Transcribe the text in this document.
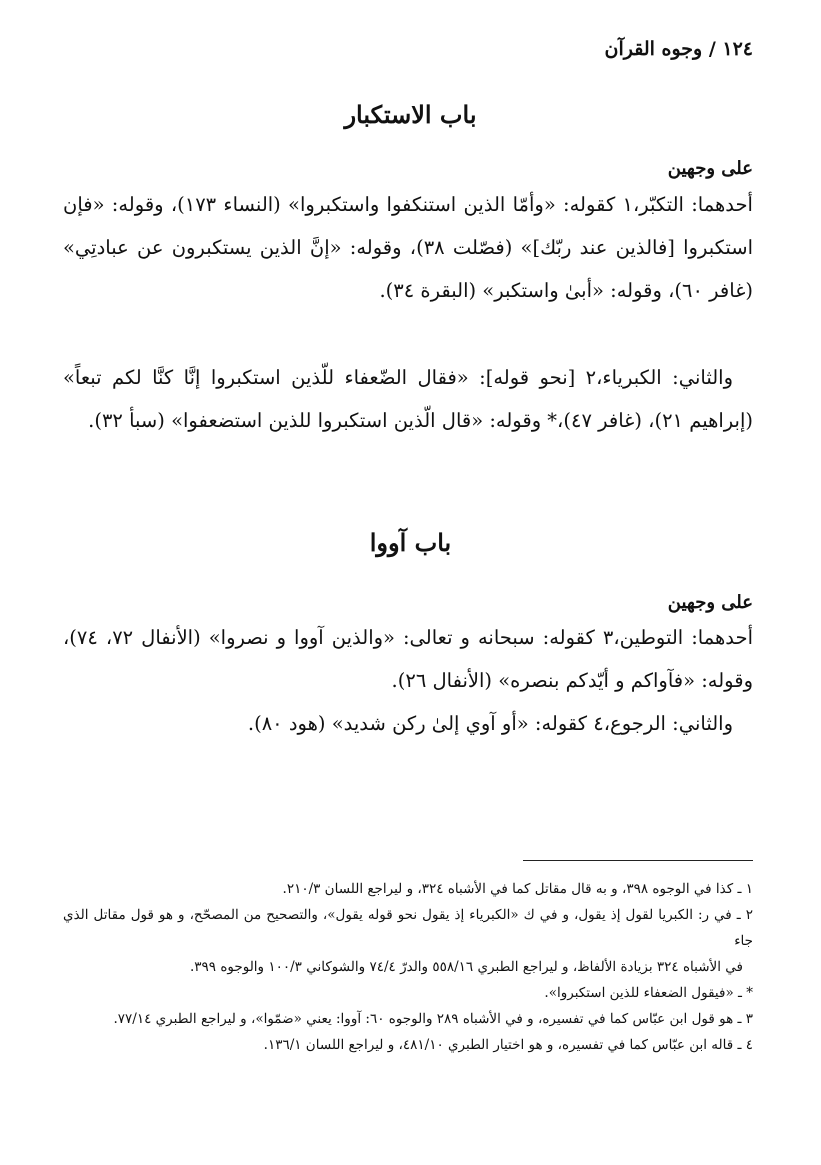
١٢٤ / وجوه القرآن
باب الاستكبار
على وجهين

أحدهما: التكبّر،١ كقوله: «وأمّا الذين استنكفوا واستكبروا» (النساء ١٧٣)، وقوله: «فإن استكبروا [فالذين عند ربّك]» (فصّلت ٣٨)، وقوله: «إنَّ الذين يستكبرون عن عبادتِي» (غافر ٦٠)، وقوله: «أبىٰ واستكبر» (البقرة ٣٤).

والثاني: الكبرياء،٢ [نحو قوله]: «فقال الضّعفاء للّذين استكبروا إنَّا كنَّا لكم تبعاً» (إبراهيم ٢١)، (غافر ٤٧)،* وقوله: «قال الّذين استكبروا للذين استضعفوا» (سبأ ٣٢).

باب آووا
على وجهين

أحدهما: التوطين،٣ كقوله: سبحانه و تعالى: «والذين آووا و نصروا» (الأنفال ٧٢، ٧٤)، وقوله: «فآواكم و أيّدكم بنصره» (الأنفال ٢٦).

والثاني: الرجوع،٤ كقوله: «أو آوي إلىٰ ركن شديد» (هود ٨٠).

١ ـ كذا في الوجوه ٣٩٨، و به قال مقاتل كما في الأشباه ٣٢٤، و ليراجع اللسان ٢١٠/٣.

٢ ـ في ر: الكبريا لقول إذ يقول، و في ك «الكبرياء إذ يقول نحو قوله يقول»، والتصحيح من المصحّح، و هو قول مقاتل الذي جاء

في الأشباه ٣٢٤ بزيادة الألفاظ، و ليراجع الطبري ٥٥٨/١٦ والدرّ ٧٤/٤ والشوكاني ١٠٠/٣ والوجوه ٣٩٩.

* ـ «فيقول الضعفاء للذين استكبروا».

٣ ـ هو قول ابن عبّاس كما في تفسيره، و في الأشباه ٢٨٩ والوجوه ٦٠: آووا: يعني «ضمّوا»، و ليراجع الطبري ٧٧/١٤.

٤ ـ قاله ابن عبّاس كما في تفسيره، و هو اختيار الطبري ٤٨١/١٠، و ليراجع اللسان ١٣٦/١.
